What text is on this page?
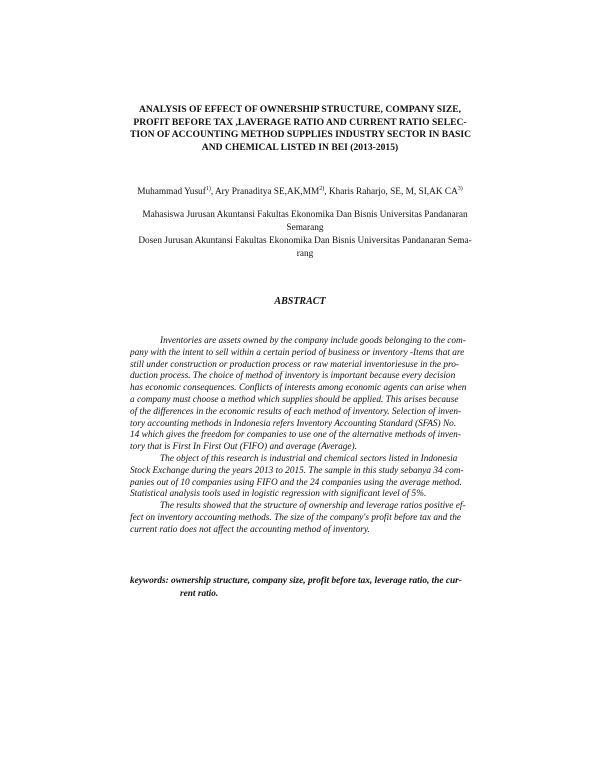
ANALYSIS OF EFFECT OF OWNERSHIP STRUCTURE, COMPANY SIZE,
PROFIT BEFORE TAX ,LAVERAGE RATIO AND CURRENT RATIO SELEC-
TION OF ACCOUNTING METHOD SUPPLIES INDUSTRY SECTOR IN BASIC
AND CHEMICAL LISTED IN BEI (2013-2015)
Muhammad Yusuf$^{1)}$, Ary Pranaditya SE,AK,MM$^{2)}$, Kharis Raharjo, SE, M, SI,AK CA$^{3)}$
Mahasiswa Jurusan Akuntansi Fakultas Ekonomika Dan Bisnis Universitas Pandanaran
Semarang
Dosen Jurusan Akuntansi Fakultas Ekonomika Dan Bisnis Universitas Pandanaran Sema-
rang
ABSTRACT
Inventories are assets owned by the company include goods belonging to the com-
pany with the intent to sell within a certain period of business or inventory -Items that are
still under construction or production process or raw material inventoriesuse in the pro-
duction process. The choice of method of inventory is important because every decision
has economic consequences. Conflicts of interests among economic agents can arise when
a company must choose a method which supplies should be applied. This arises because
of the differences in the economic results of each method of inventory. Selection of inven-
tory accounting methods in Indonesia refers Inventory Accounting Standard (SFAS) No.
14 which gives the freedom for companies to use one of the alternative methods of inven-
tory that is First In First Out (FIFO) and average (Average).
The object of this research is industrial and chemical sectors listed in Indonesia
Stock Exchange during the years 2013 to 2015. The sample in this study sebanya 34 com-
panies out of 10 companies using FIFO and the 24 companies using the average method.
Statistical analysis tools used in logistic regression with significant level of 5%.
The results showed that the structure of ownership and leverage ratios positive ef-
fect on inventory accounting methods. The size of the company's profit before tax and the
current ratio does not affect the accounting method of inventory.
keywords: ownership structure, company size, profit before tax, leverage ratio, the cur-
rent ratio.
